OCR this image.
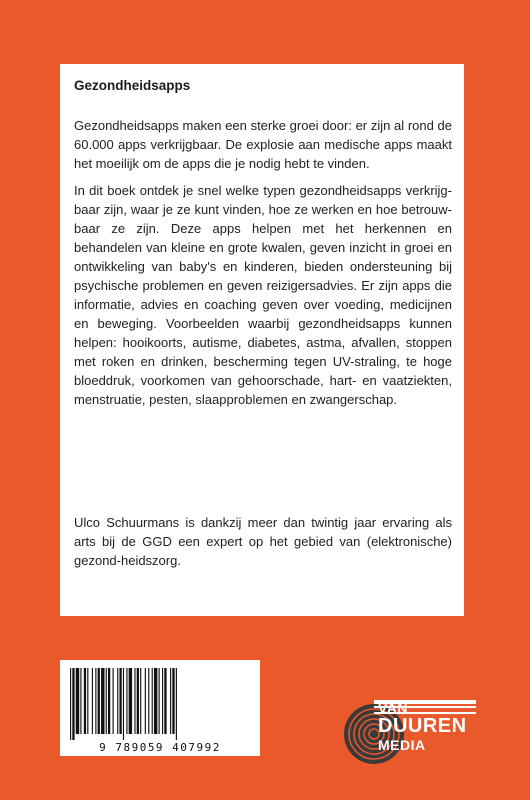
Gezondheidsapps

Gezondheidsapps maken een sterke groei door: er zijn al rond de 60.000 apps verkrijgbaar. De explosie aan medische apps maakt het moeilijk om de apps die je nodig hebt te vinden.

In dit boek ontdek je snel welke typen gezondheidsapps verkrijg-baar zijn, waar je ze kunt vinden, hoe ze werken en hoe betrouw-baar ze zijn. Deze apps helpen met het herkennen en behandelen van kleine en grote kwalen, geven inzicht in groei en ontwikkeling van baby's en kinderen, bieden ondersteuning bij psychische problemen en geven reizigersadvies. Er zijn apps die informatie, advies en coaching geven over voeding, medicijnen en beweging. Voorbeelden waarbij gezondheidsapps kunnen helpen: hooikoorts, autisme, diabetes, astma, afvallen, stoppen met roken en drinken, bescherming tegen UV-straling, te hoge bloeddruk, voorkomen van gehoorschade, hart- en vaatziekten, menstruatie, pesten, slaapproblemen en zwangerschap.

Ulco Schuurmans is dankzij meer dan twintig jaar ervaring als arts bij de GGD een expert op het gebied van (elektronische) gezond-heidszorg.

9 789059 407992
VAN
DUUREN
MEDIA
